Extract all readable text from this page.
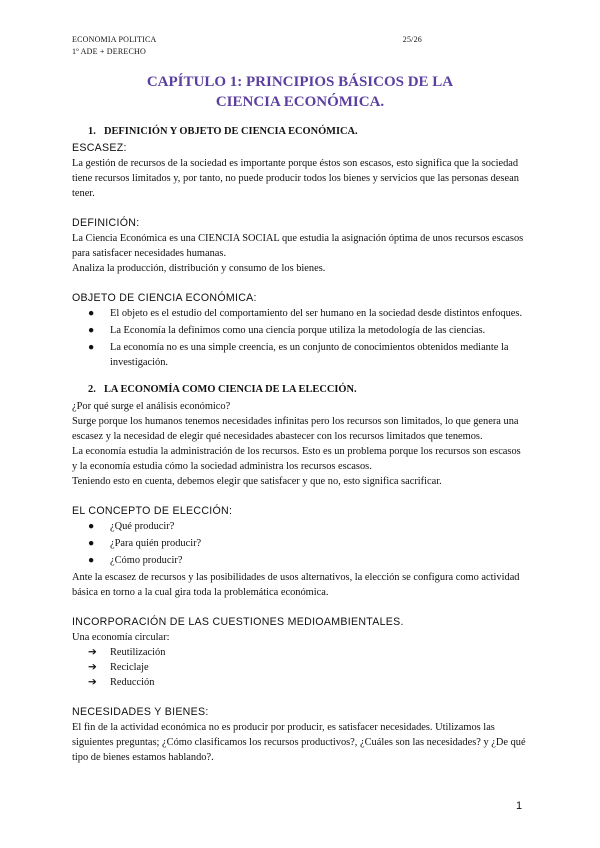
ECONOMIA POLITICA	25/26
1º ADE + DERECHO
CAPÍTULO 1: PRINCIPIOS BÁSICOS DE LA
CIENCIA ECONÓMICA.
1. DEFINICIÓN Y OBJETO DE CIENCIA ECONÓMICA.
ESCASEZ:

La gestión de recursos de la sociedad es importante porque éstos son escasos, esto significa que la sociedad tiene recursos limitados y, por tanto, no puede producir todos los bienes y servicios que las personas desean tener.

DEFINICIÓN:

La Ciencia Económica es una CIENCIA SOCIAL que estudia la asignación óptima de unos recursos escasos para satisfacer necesidades humanas.

Analiza la producción, distribución y consumo de los bienes.

OBJETO DE CIENCIA ECONÓMICA:
● El objeto es el estudio del comportamiento del ser humano en la sociedad desde distintos enfoques.
● La Economía la definimos como una ciencia porque utiliza la metodología de las ciencias.
● La economía no es una simple creencia, es un conjunto de conocimientos obtenidos mediante la investigación.
2. LA ECONOMÍA COMO CIENCIA DE LA ELECCIÓN.

¿Por qué surge el análisis económico?

Surge porque los humanos tenemos necesidades infinitas pero los recursos son limitados, lo que genera una escasez y la necesidad de elegir qué necesidades abastecer con los recursos limitados que tenemos.

La economía estudia la administración de los recursos. Esto es un problema porque los recursos son escasos y la economía estudia cómo la sociedad administra los recursos escasos.

Teniendo esto en cuenta, debemos elegir que satisfacer y que no, esto significa sacrificar.

EL CONCEPTO DE ELECCIÓN:
● ¿Qué producir?
● ¿Para quién producir?
● ¿Cómo producir?

Ante la escasez de recursos y las posibilidades de usos alternativos, la elección se configura como actividad básica en torno a la cual gira toda la problemática económica.

INCORPORACIÓN DE LAS CUESTIONES MEDIOAMBIENTALES.

Una economía circular:

➔ Reutilización
➔ Reciclaje
➔ Reducción
NECESIDADES Y BIENES:

El fin de la actividad económica no es producir por producir, es satisfacer necesidades. Utilizamos las siguientes preguntas; ¿Cómo clasificamos los recursos productivos?, ¿Cuáles son las necesidades? y ¿De qué tipo de bienes estamos hablando?.

1
